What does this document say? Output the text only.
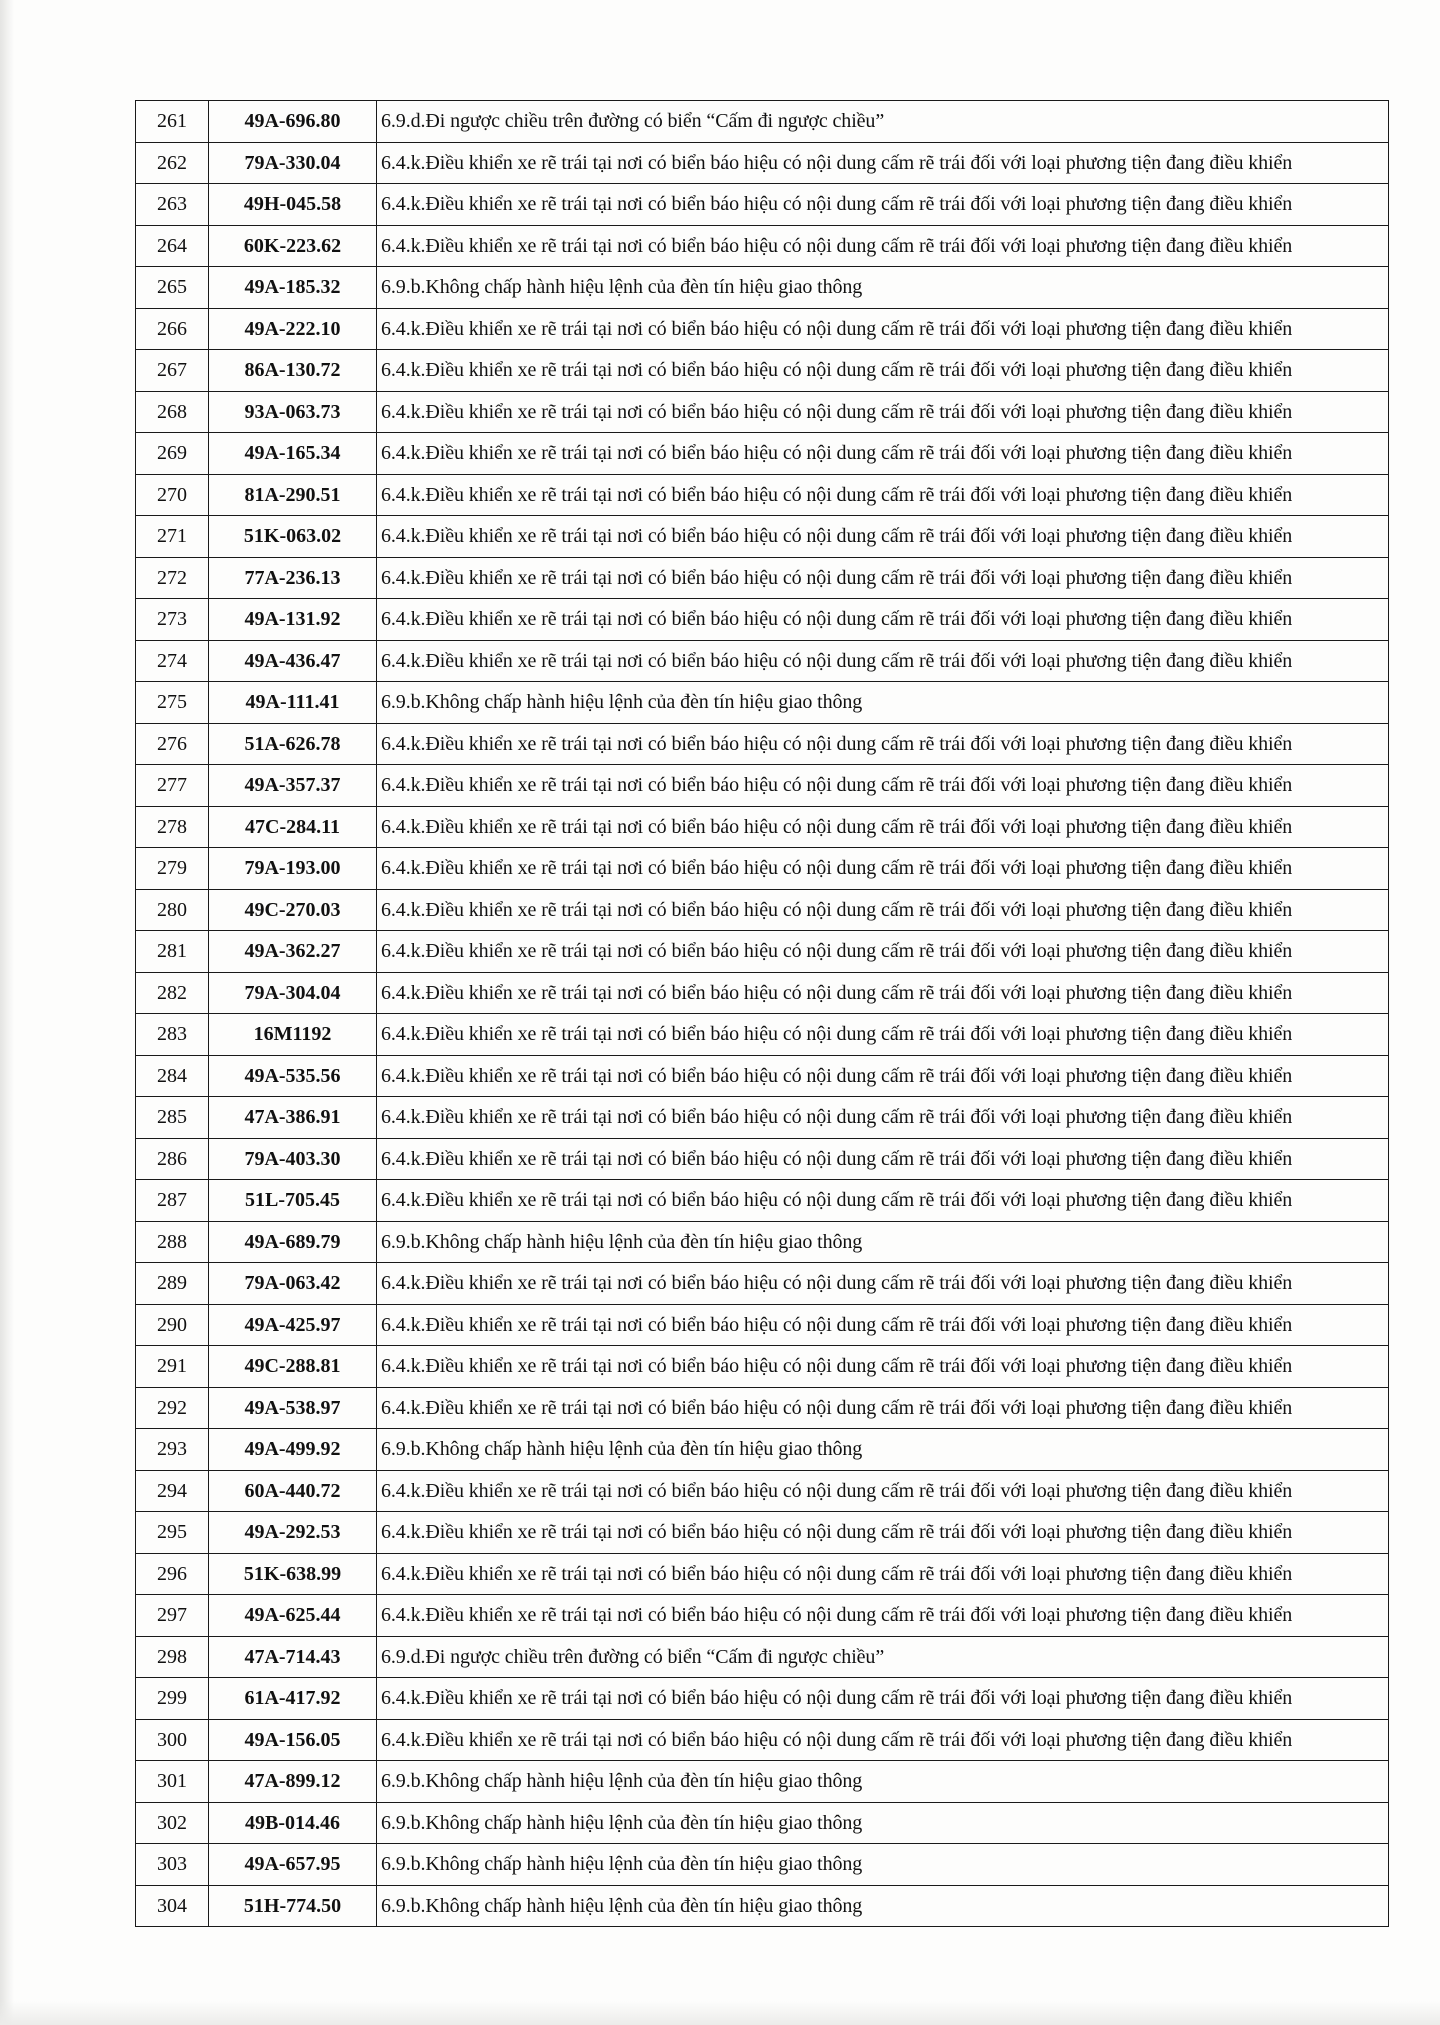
261	49A-696.80	6.9.d.Đi ngược chiều trên đường có biển “Cấm đi ngược chiều”
262	79A-330.04	6.4.k.Điều khiển xe rẽ trái tại nơi có biển báo hiệu có nội dung cấm rẽ trái đối với loại phương tiện đang điều khiển
263	49H-045.58	6.4.k.Điều khiển xe rẽ trái tại nơi có biển báo hiệu có nội dung cấm rẽ trái đối với loại phương tiện đang điều khiển
264	60K-223.62	6.4.k.Điều khiển xe rẽ trái tại nơi có biển báo hiệu có nội dung cấm rẽ trái đối với loại phương tiện đang điều khiển
265	49A-185.32	6.9.b.Không chấp hành hiệu lệnh của đèn tín hiệu giao thông
266	49A-222.10	6.4.k.Điều khiển xe rẽ trái tại nơi có biển báo hiệu có nội dung cấm rẽ trái đối với loại phương tiện đang điều khiển
267	86A-130.72	6.4.k.Điều khiển xe rẽ trái tại nơi có biển báo hiệu có nội dung cấm rẽ trái đối với loại phương tiện đang điều khiển
268	93A-063.73	6.4.k.Điều khiển xe rẽ trái tại nơi có biển báo hiệu có nội dung cấm rẽ trái đối với loại phương tiện đang điều khiển
269	49A-165.34	6.4.k.Điều khiển xe rẽ trái tại nơi có biển báo hiệu có nội dung cấm rẽ trái đối với loại phương tiện đang điều khiển
270	81A-290.51	6.4.k.Điều khiển xe rẽ trái tại nơi có biển báo hiệu có nội dung cấm rẽ trái đối với loại phương tiện đang điều khiển
271	51K-063.02	6.4.k.Điều khiển xe rẽ trái tại nơi có biển báo hiệu có nội dung cấm rẽ trái đối với loại phương tiện đang điều khiển
272	77A-236.13	6.4.k.Điều khiển xe rẽ trái tại nơi có biển báo hiệu có nội dung cấm rẽ trái đối với loại phương tiện đang điều khiển
273	49A-131.92	6.4.k.Điều khiển xe rẽ trái tại nơi có biển báo hiệu có nội dung cấm rẽ trái đối với loại phương tiện đang điều khiển
274	49A-436.47	6.4.k.Điều khiển xe rẽ trái tại nơi có biển báo hiệu có nội dung cấm rẽ trái đối với loại phương tiện đang điều khiển
275	49A-111.41	6.9.b.Không chấp hành hiệu lệnh của đèn tín hiệu giao thông
276	51A-626.78	6.4.k.Điều khiển xe rẽ trái tại nơi có biển báo hiệu có nội dung cấm rẽ trái đối với loại phương tiện đang điều khiển
277	49A-357.37	6.4.k.Điều khiển xe rẽ trái tại nơi có biển báo hiệu có nội dung cấm rẽ trái đối với loại phương tiện đang điều khiển
278	47C-284.11	6.4.k.Điều khiển xe rẽ trái tại nơi có biển báo hiệu có nội dung cấm rẽ trái đối với loại phương tiện đang điều khiển
279	79A-193.00	6.4.k.Điều khiển xe rẽ trái tại nơi có biển báo hiệu có nội dung cấm rẽ trái đối với loại phương tiện đang điều khiển
280	49C-270.03	6.4.k.Điều khiển xe rẽ trái tại nơi có biển báo hiệu có nội dung cấm rẽ trái đối với loại phương tiện đang điều khiển
281	49A-362.27	6.4.k.Điều khiển xe rẽ trái tại nơi có biển báo hiệu có nội dung cấm rẽ trái đối với loại phương tiện đang điều khiển
282	79A-304.04	6.4.k.Điều khiển xe rẽ trái tại nơi có biển báo hiệu có nội dung cấm rẽ trái đối với loại phương tiện đang điều khiển
283	16M1192	6.4.k.Điều khiển xe rẽ trái tại nơi có biển báo hiệu có nội dung cấm rẽ trái đối với loại phương tiện đang điều khiển
284	49A-535.56	6.4.k.Điều khiển xe rẽ trái tại nơi có biển báo hiệu có nội dung cấm rẽ trái đối với loại phương tiện đang điều khiển
285	47A-386.91	6.4.k.Điều khiển xe rẽ trái tại nơi có biển báo hiệu có nội dung cấm rẽ trái đối với loại phương tiện đang điều khiển
286	79A-403.30	6.4.k.Điều khiển xe rẽ trái tại nơi có biển báo hiệu có nội dung cấm rẽ trái đối với loại phương tiện đang điều khiển
287	51L-705.45	6.4.k.Điều khiển xe rẽ trái tại nơi có biển báo hiệu có nội dung cấm rẽ trái đối với loại phương tiện đang điều khiển
288	49A-689.79	6.9.b.Không chấp hành hiệu lệnh của đèn tín hiệu giao thông
289	79A-063.42	6.4.k.Điều khiển xe rẽ trái tại nơi có biển báo hiệu có nội dung cấm rẽ trái đối với loại phương tiện đang điều khiển
290	49A-425.97	6.4.k.Điều khiển xe rẽ trái tại nơi có biển báo hiệu có nội dung cấm rẽ trái đối với loại phương tiện đang điều khiển
291	49C-288.81	6.4.k.Điều khiển xe rẽ trái tại nơi có biển báo hiệu có nội dung cấm rẽ trái đối với loại phương tiện đang điều khiển
292	49A-538.97	6.4.k.Điều khiển xe rẽ trái tại nơi có biển báo hiệu có nội dung cấm rẽ trái đối với loại phương tiện đang điều khiển
293	49A-499.92	6.9.b.Không chấp hành hiệu lệnh của đèn tín hiệu giao thông
294	60A-440.72	6.4.k.Điều khiển xe rẽ trái tại nơi có biển báo hiệu có nội dung cấm rẽ trái đối với loại phương tiện đang điều khiển
295	49A-292.53	6.4.k.Điều khiển xe rẽ trái tại nơi có biển báo hiệu có nội dung cấm rẽ trái đối với loại phương tiện đang điều khiển
296	51K-638.99	6.4.k.Điều khiển xe rẽ trái tại nơi có biển báo hiệu có nội dung cấm rẽ trái đối với loại phương tiện đang điều khiển
297	49A-625.44	6.4.k.Điều khiển xe rẽ trái tại nơi có biển báo hiệu có nội dung cấm rẽ trái đối với loại phương tiện đang điều khiển
298	47A-714.43	6.9.d.Đi ngược chiều trên đường có biển “Cấm đi ngược chiều”
299	61A-417.92	6.4.k.Điều khiển xe rẽ trái tại nơi có biển báo hiệu có nội dung cấm rẽ trái đối với loại phương tiện đang điều khiển
300	49A-156.05	6.4.k.Điều khiển xe rẽ trái tại nơi có biển báo hiệu có nội dung cấm rẽ trái đối với loại phương tiện đang điều khiển
301	47A-899.12	6.9.b.Không chấp hành hiệu lệnh của đèn tín hiệu giao thông
302	49B-014.46	6.9.b.Không chấp hành hiệu lệnh của đèn tín hiệu giao thông
303	49A-657.95	6.9.b.Không chấp hành hiệu lệnh của đèn tín hiệu giao thông
304	51H-774.50	6.9.b.Không chấp hành hiệu lệnh của đèn tín hiệu giao thông
